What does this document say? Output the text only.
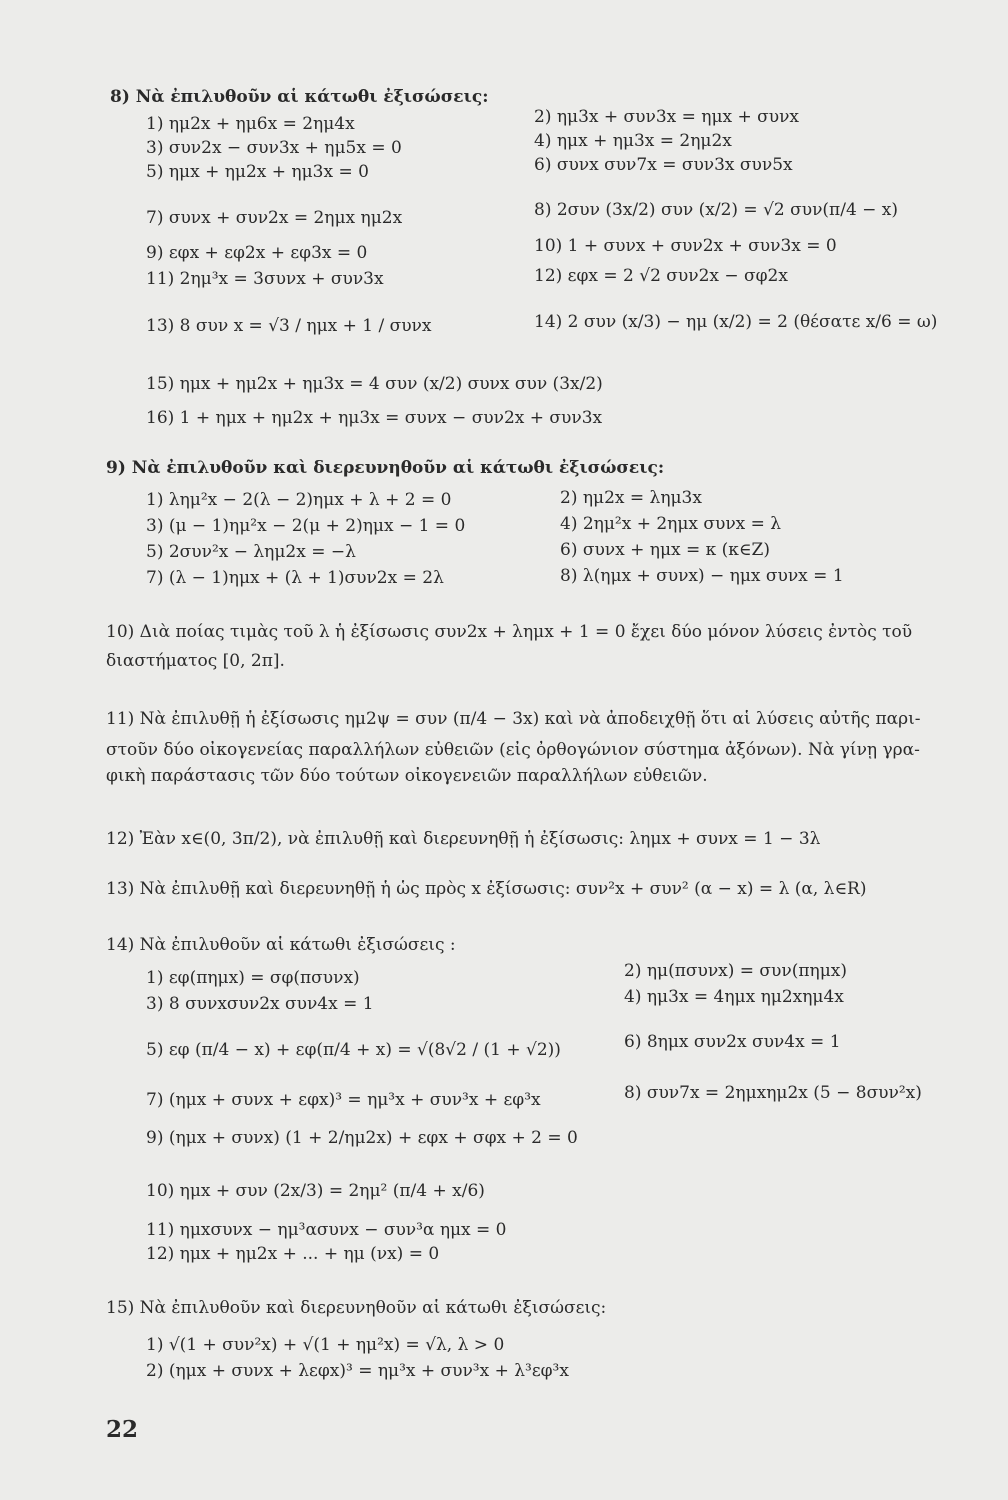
8) Νὰ ἐπιλυθοῦν αἱ κάτωθι ἐξισώσεις:
1) ημ2x + ημ6x = 2ημ4x
3) συν2x − συν3x + ημ5x = 0
5) ημx + ημ2x + ημ3x = 0
7) συνx + συν2x = 2ημx ημ2x
9) εφx + εφ2x + εφ3x = 0
11) 2ημ³x = 3συνx + συν3x
13) 8 συν x = √3 / ημx + 1 / συνx
2) ημ3x + συν3x = ημx + συνx
4) ημx + ημ3x = 2ημ2x
6) συνx συν7x = συν3x συν5x
8) 2συν (3x/2) συν (x/2) = √2 συν(π/4 − x)
10) 1 + συνx + συν2x + συν3x = 0
12) εφx = 2 √2 συν2x − σφ2x
14) 2 συν (x/3) − ημ (x/2) = 2 (θέσατε x/6 = ω)
15) ημx + ημ2x + ημ3x = 4 συν (x/2) συνx συν (3x/2)
16) 1 + ημx + ημ2x + ημ3x = συνx − συν2x + συν3x
9) Νὰ ἐπιλυθοῦν καὶ διερευνηθοῦν αἱ κάτωθι ἐξισώσεις:
1) λημ²x − 2(λ − 2)ημx + λ + 2 = 0
3) (μ − 1)ημ²x − 2(μ + 2)ημx − 1 = 0
5) 2συν²x − λημ2x = −λ
7) (λ − 1)ημx + (λ + 1)συν2x = 2λ
2) ημ2x = λημ3x
4) 2ημ²x + 2ημx συνx = λ
6) συνx + ημx = κ (κ∈Z)
8) λ(ημx + συνx) − ημx συνx = 1
10) Διὰ ποίας τιμὰς τοῦ λ ἡ ἐξίσωσις συν2x + λημx + 1 = 0 ἔχει δύο μόνον λύσεις ἐντὸς τοῦ
διαστήματος [0, 2π].
11) Νὰ ἐπιλυθῇ ἡ ἐξίσωσις ημ2ψ = συν (π/4 − 3x) καὶ νὰ ἀποδειχθῇ ὅτι αἱ λύσεις αὐτῆς παρι-
στοῦν δύο οἰκογενείας παραλλήλων εὐθειῶν (εἰς ὀρθογώνιον σύστημα ἀξόνων). Νὰ γίνῃ γρα-
φικὴ παράστασις τῶν δύο τούτων οἰκογενειῶν παραλλήλων εὐθειῶν.
12) Ἐὰν x∈(0, 3π/2), νὰ ἐπιλυθῇ καὶ διερευνηθῇ ἡ ἐξίσωσις: λημx + συνx = 1 − 3λ
13) Νὰ ἐπιλυθῇ καὶ διερευνηθῇ ἡ ὡς πρὸς x ἐξίσωσις: συν²x + συν² (α − x) = λ (α, λ∈R)
14) Νὰ ἐπιλυθοῦν αἱ κάτωθι ἐξισώσεις :
1) εφ(πημx) = σφ(πσυνx)
3) 8 συνxσυν2x συν4x = 1
5) εφ (π/4 − x) + εφ(π/4 + x) = √(8√2 / (1 + √2))
7) (ημx + συνx + εφx)³ = ημ³x + συν³x + εφ³x
2) ημ(πσυνx) = συν(πημx)
4) ημ3x = 4ημx ημ2xημ4x
6) 8ημx συν2x συν4x = 1
8) συν7x = 2ημxημ2x (5 − 8συν²x)
9) (ημx + συνx) (1 + 2/ημ2x) + εφx + σφx + 2 = 0
10) ημx + συν (2x/3) = 2ημ² (π/4 + x/6)
11) ημxσυνx − ημ³ασυνx − συν³α ημx = 0
12) ημx + ημ2x + ... + ημ (νx) = 0
15) Νὰ ἐπιλυθοῦν καὶ διερευνηθοῦν αἱ κάτωθι ἐξισώσεις:
1) √(1 + συν²x) + √(1 + ημ²x) = √λ, λ > 0
2) (ημx + συνx + λεφx)³ = ημ³x + συν³x + λ³εφ³x
22
